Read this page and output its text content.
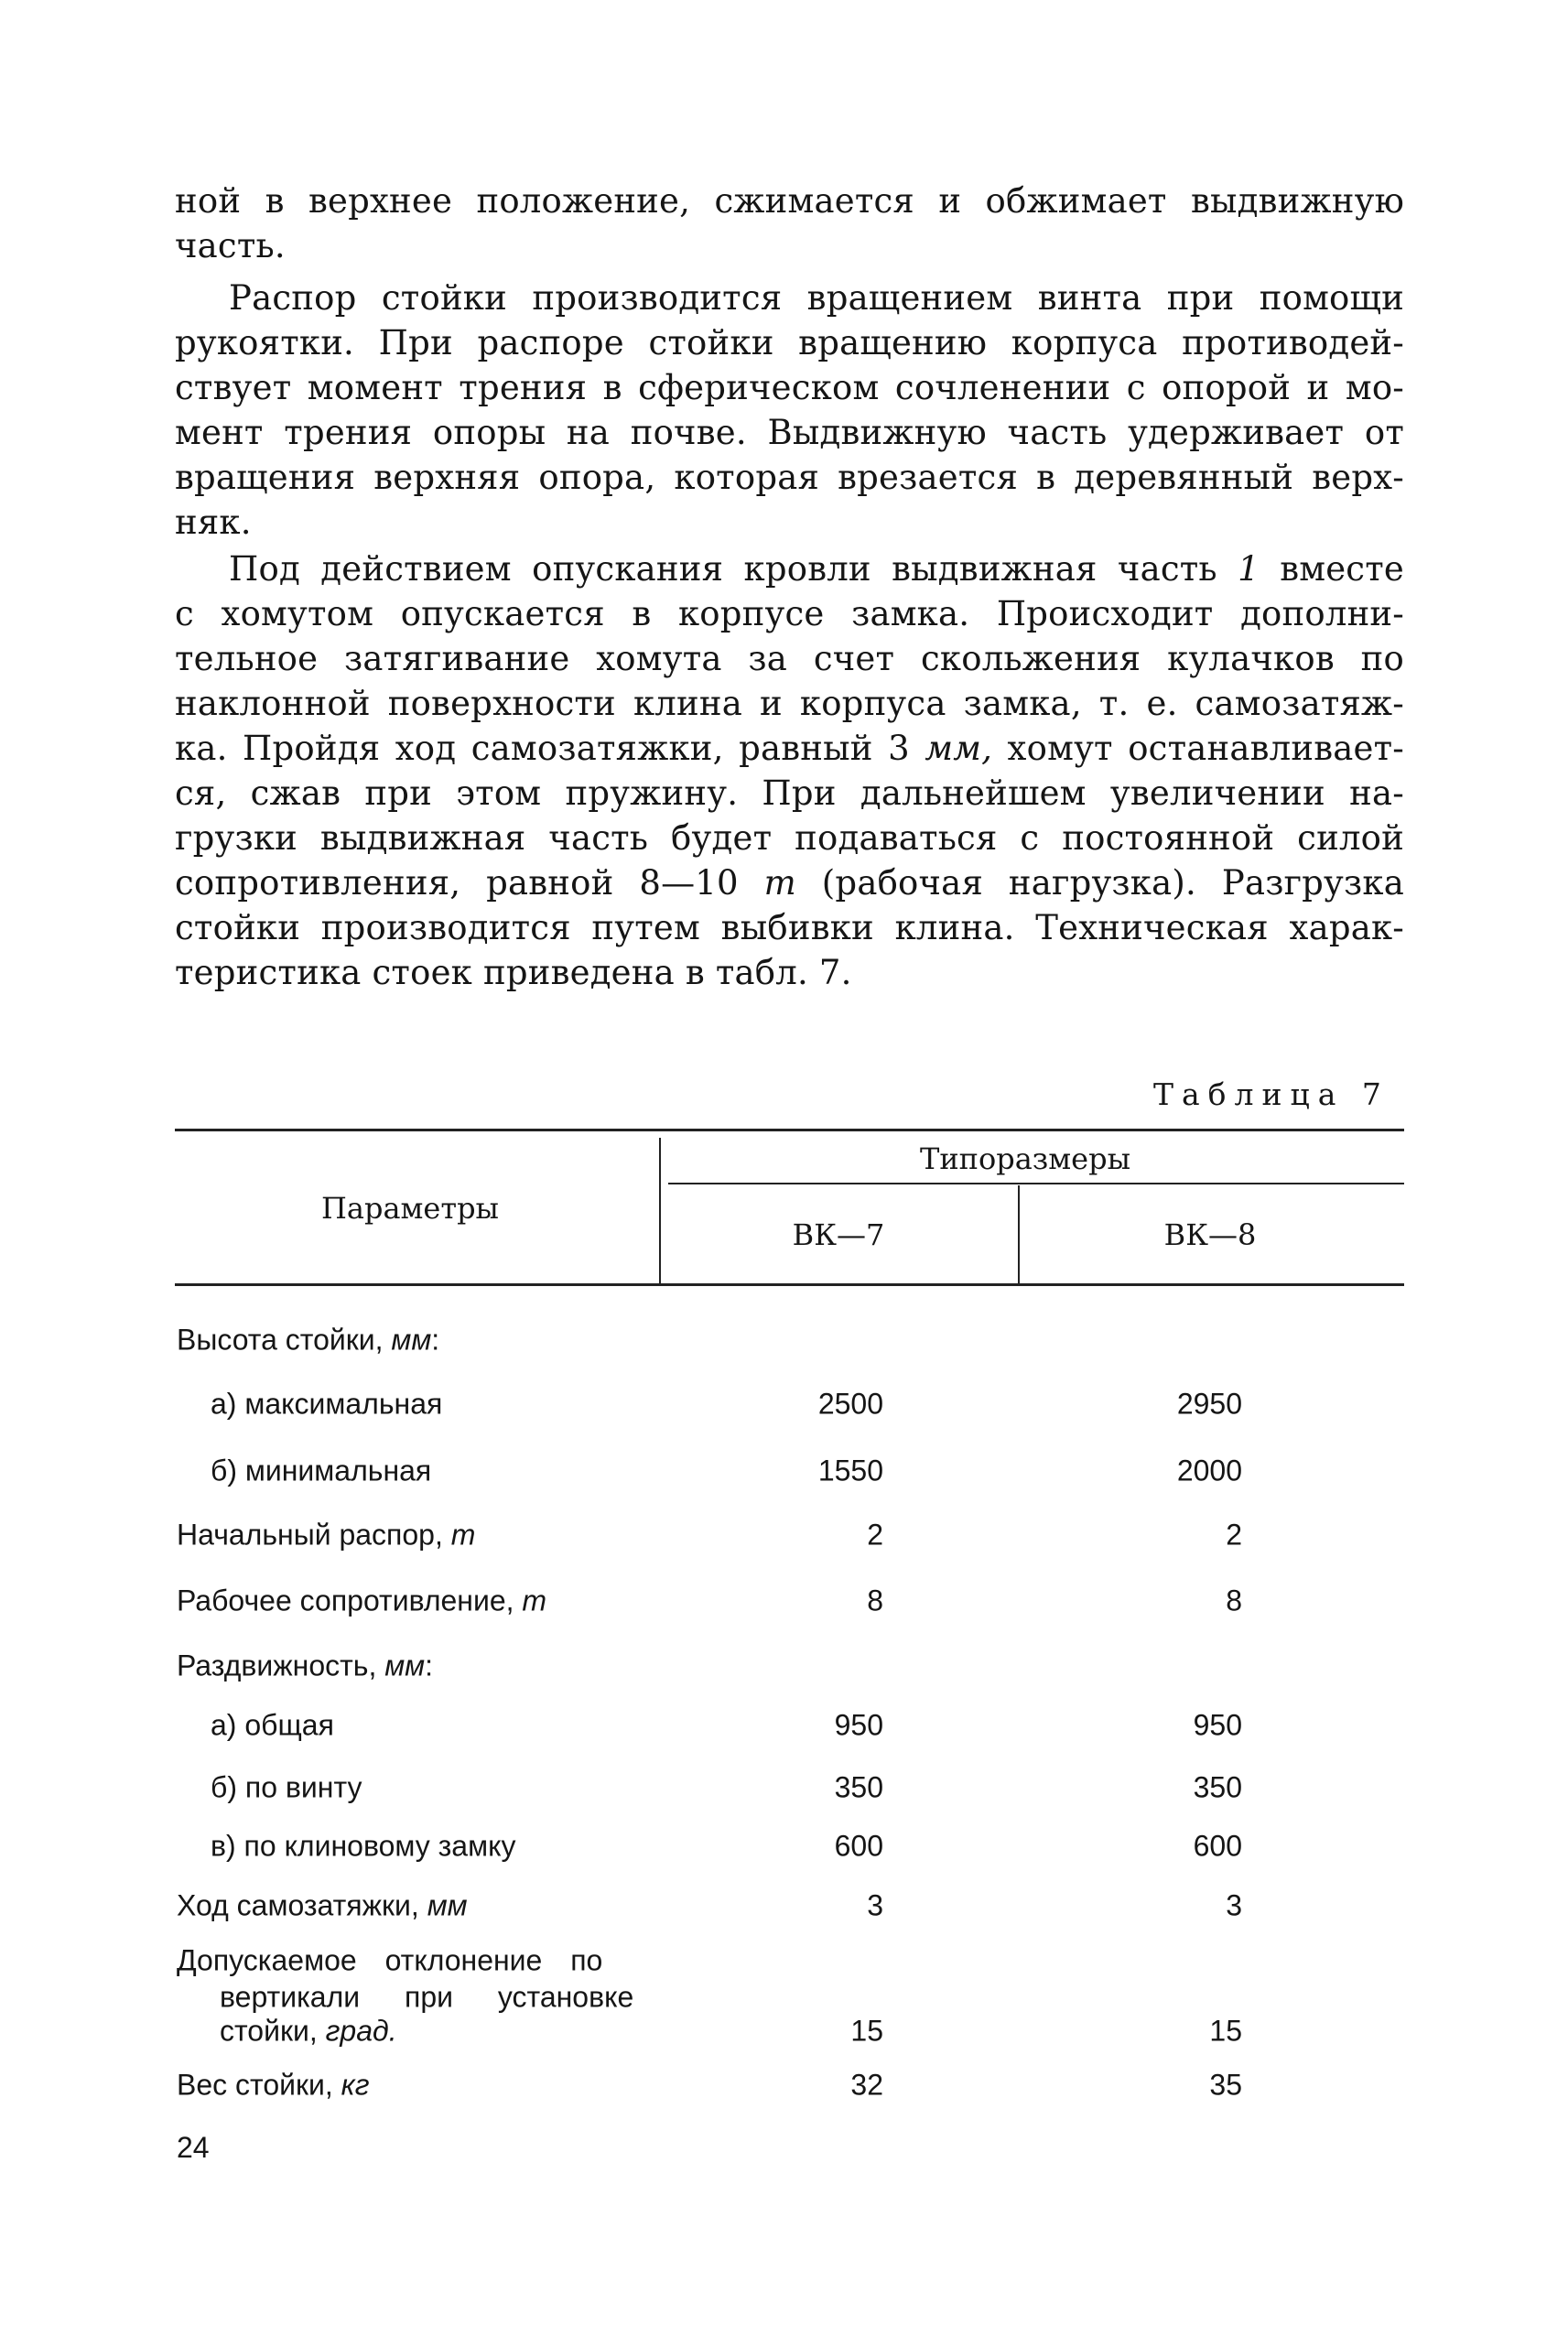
ной в верхнее положение, сжимается и обжимает выдвижную
часть.
Распор стойки производится вращением винта при помощи
рукоятки. При распоре стойки вращению корпуса противодей-
ствует момент трения в сферическом сочленении с опорой и мо-
мент трения опоры на почве. Выдвижную часть удерживает от
вращения верхняя опора, которая врезается в деревянный верх-
няк.
Под действием опускания кровли выдвижная часть 1 вместе
с хомутом опускается в корпусе замка. Происходит дополни-
тельное затягивание хомута за счет скольжения кулачков по
наклонной поверхности клина и корпуса замка, т. е. самозатяж-
ка. Пройдя ход самозатяжки, равный 3 мм, хомут останавливает-
ся, сжав при этом пружину. При дальнейшем увеличении на-
грузки выдвижная часть будет подаваться с постоянной силой
сопротивления, равной 8—10 т (рабочая нагрузка). Разгрузка
стойки производится путем выбивки клина. Техническая харак-
теристика стоек приведена в табл. 7.
Таблица 7
Параметры
Типоразмеры
ВК—7	ВК—8
Высота стойки, мм:
а) максимальная	2500	2950
б) минимальная	1550	2000
Начальный распор, т	2	2
Рабочее сопротивление, т	8	8
Раздвижность, мм:
а) общая	950	950
б) по винту	350	350
в) по клиновому замку	600	600
Ход самозатяжки, мм	3	3
Допускаемое отклонение по
вертикали при установке
стойки, град.	15	15
Вес стойки, кг	32	35
24
